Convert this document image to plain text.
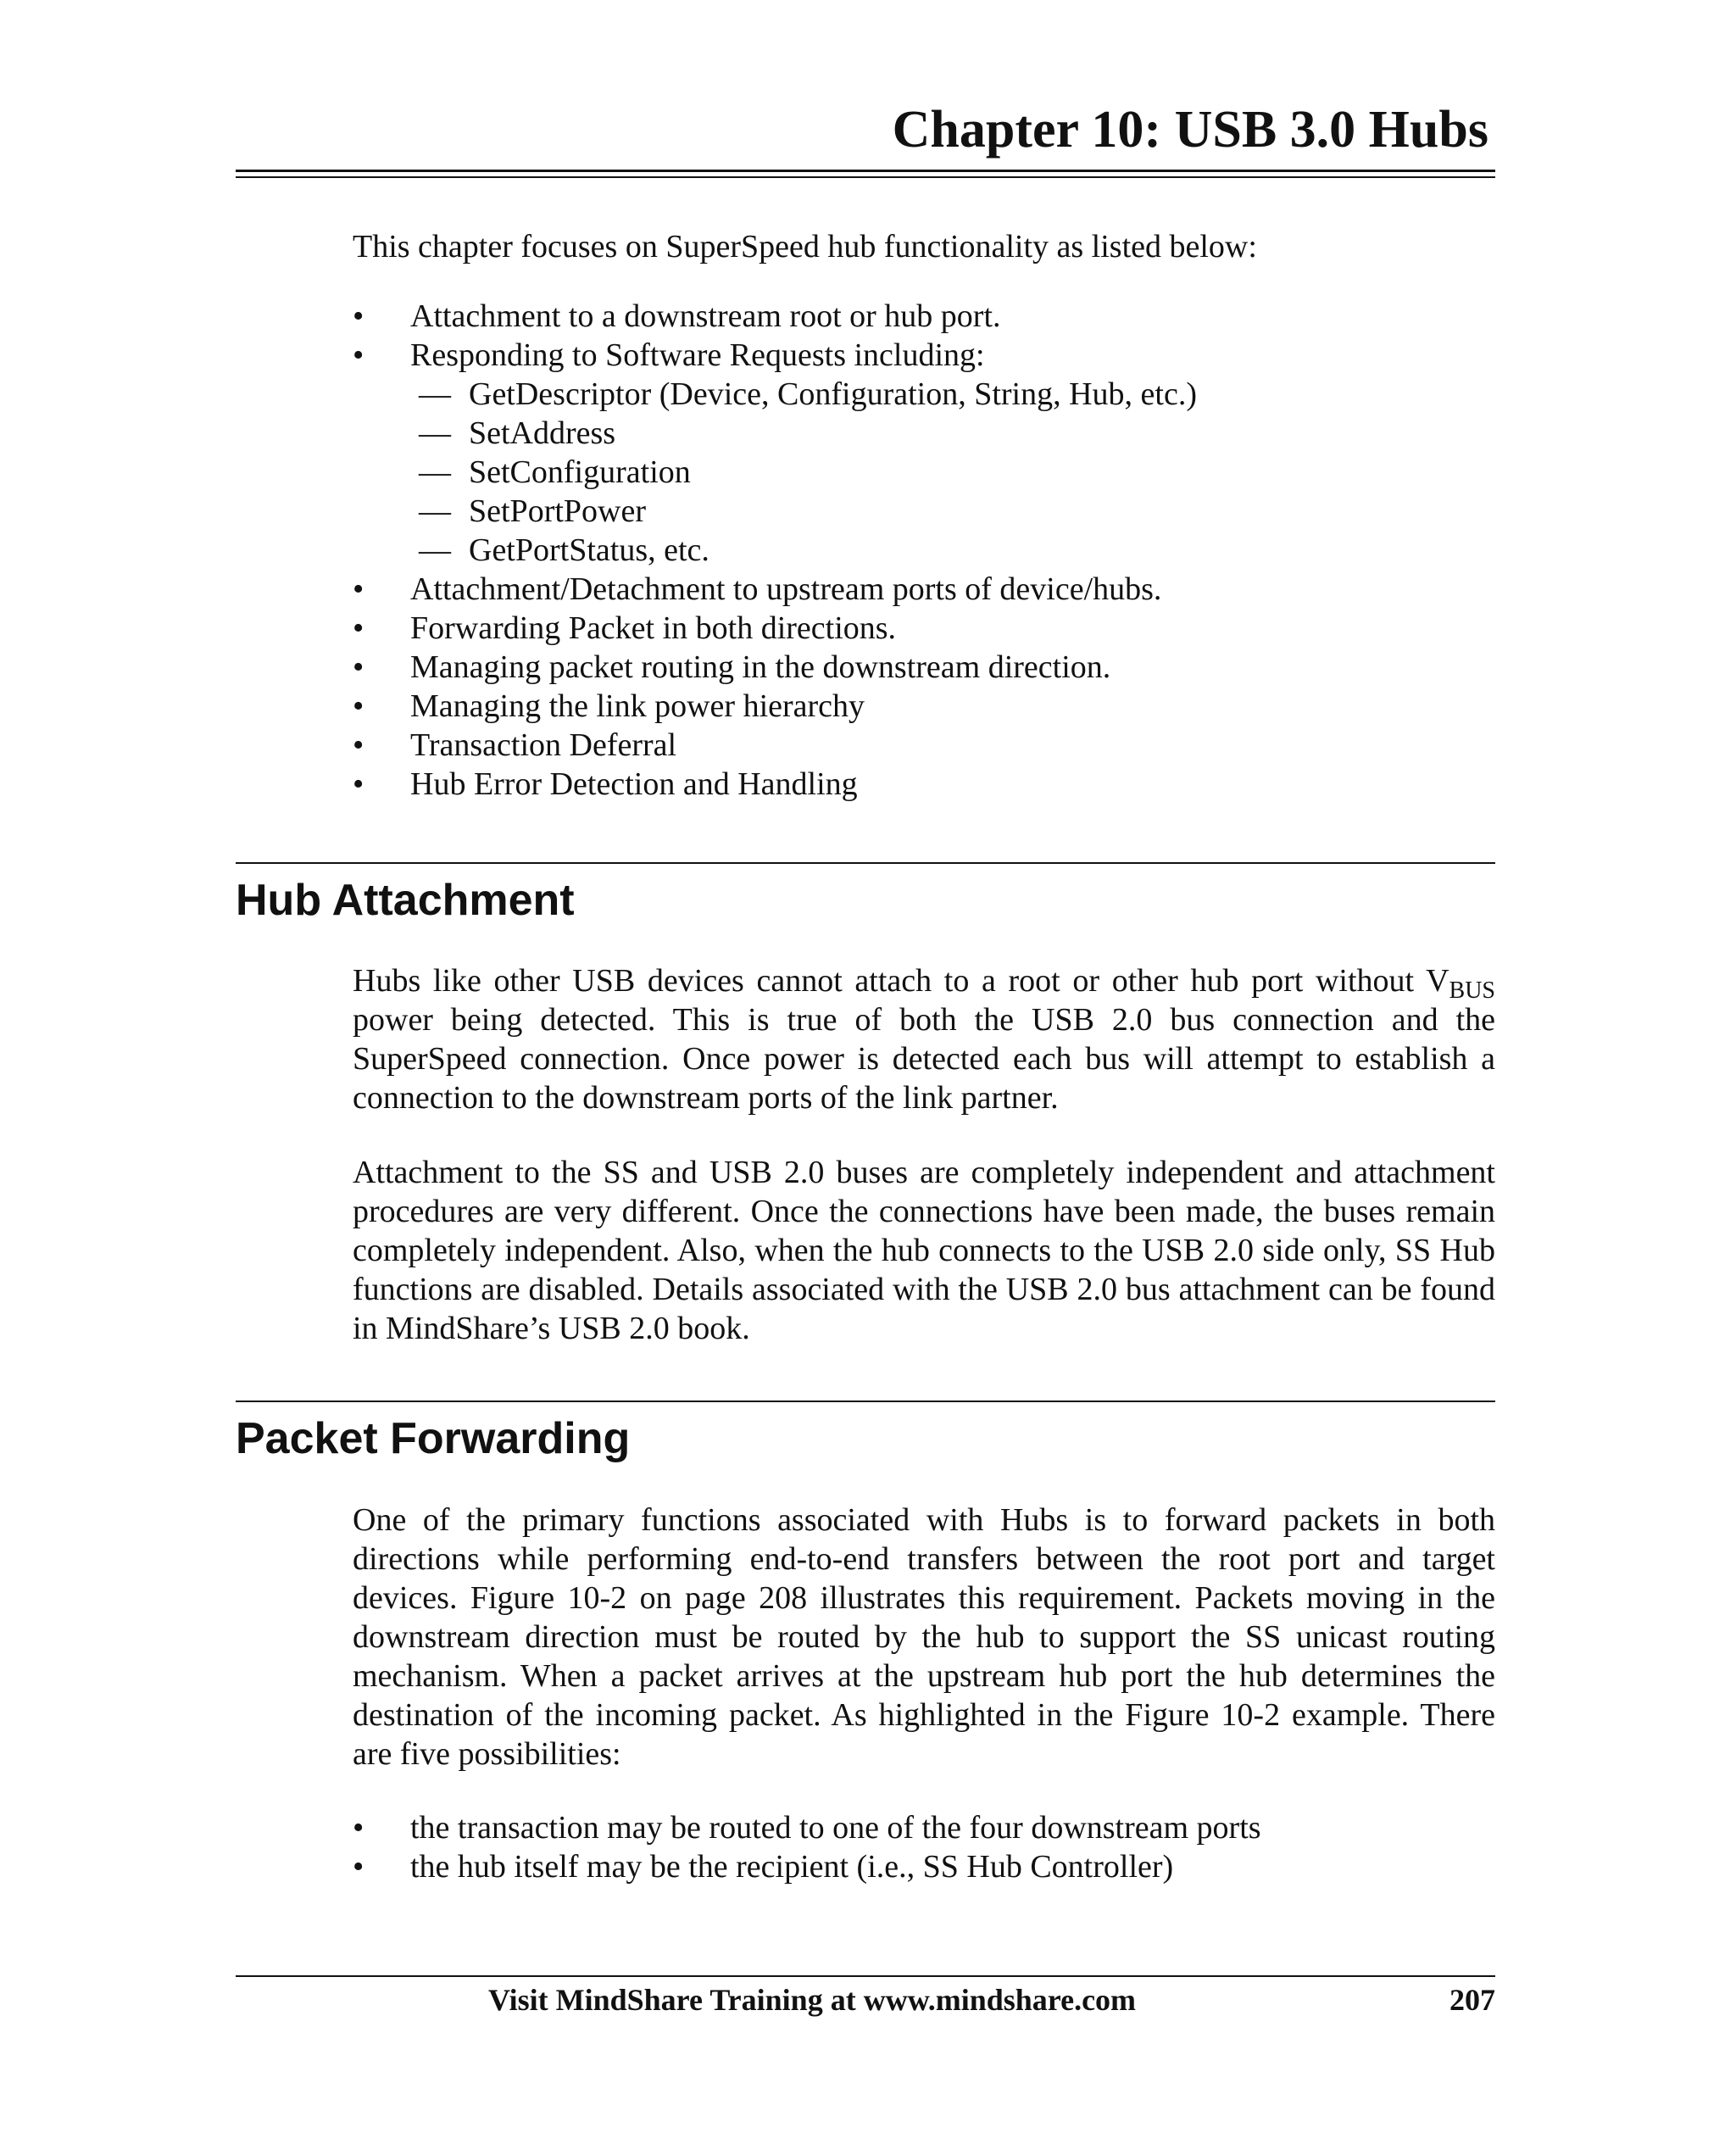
Chapter 10: USB 3.0 Hubs
This chapter focuses on SuperSpeed hub functionality as listed below:
• Attachment to a downstream root or hub port.
• Responding to Software Requests including:
— GetDescriptor (Device, Configuration, String, Hub, etc.)
— SetAddress
— SetConfiguration
— SetPortPower
— GetPortStatus, etc.
• Attachment/Detachment to upstream ports of device/hubs.
• Forwarding Packet in both directions.
• Managing packet routing in the downstream direction.
• Managing the link power hierarchy
• Transaction Deferral
• Hub Error Detection and Handling
Hub Attachment
Hubs like other USB devices cannot attach to a root or other hub port without $V_{BUS}$ power being detected. This is true of both the USB 2.0 bus connection and the SuperSpeed connection. Once power is detected each bus will attempt to establish a connection to the downstream ports of the link partner.
Attachment to the SS and USB 2.0 buses are completely independent and attachment procedures are very different. Once the connections have been made, the buses remain completely independent. Also, when the hub connects to the USB 2.0 side only, SS Hub functions are disabled. Details associated with the USB 2.0 bus attachment can be found in MindShare’s USB 2.0 book.
Packet Forwarding
One of the primary functions associated with Hubs is to forward packets in both directions while performing end-to-end transfers between the root port and target devices. Figure 10-2 on page 208 illustrates this requirement. Packets moving in the downstream direction must be routed by the hub to support the SS unicast routing mechanism. When a packet arrives at the upstream hub port the hub determines the destination of the incoming packet. As highlighted in the Figure 10-2 example. There are five possibilities:
• the transaction may be routed to one of the four downstream ports
• the hub itself may be the recipient (i.e., SS Hub Controller)
Visit MindShare Training at www.mindshare.com	207
